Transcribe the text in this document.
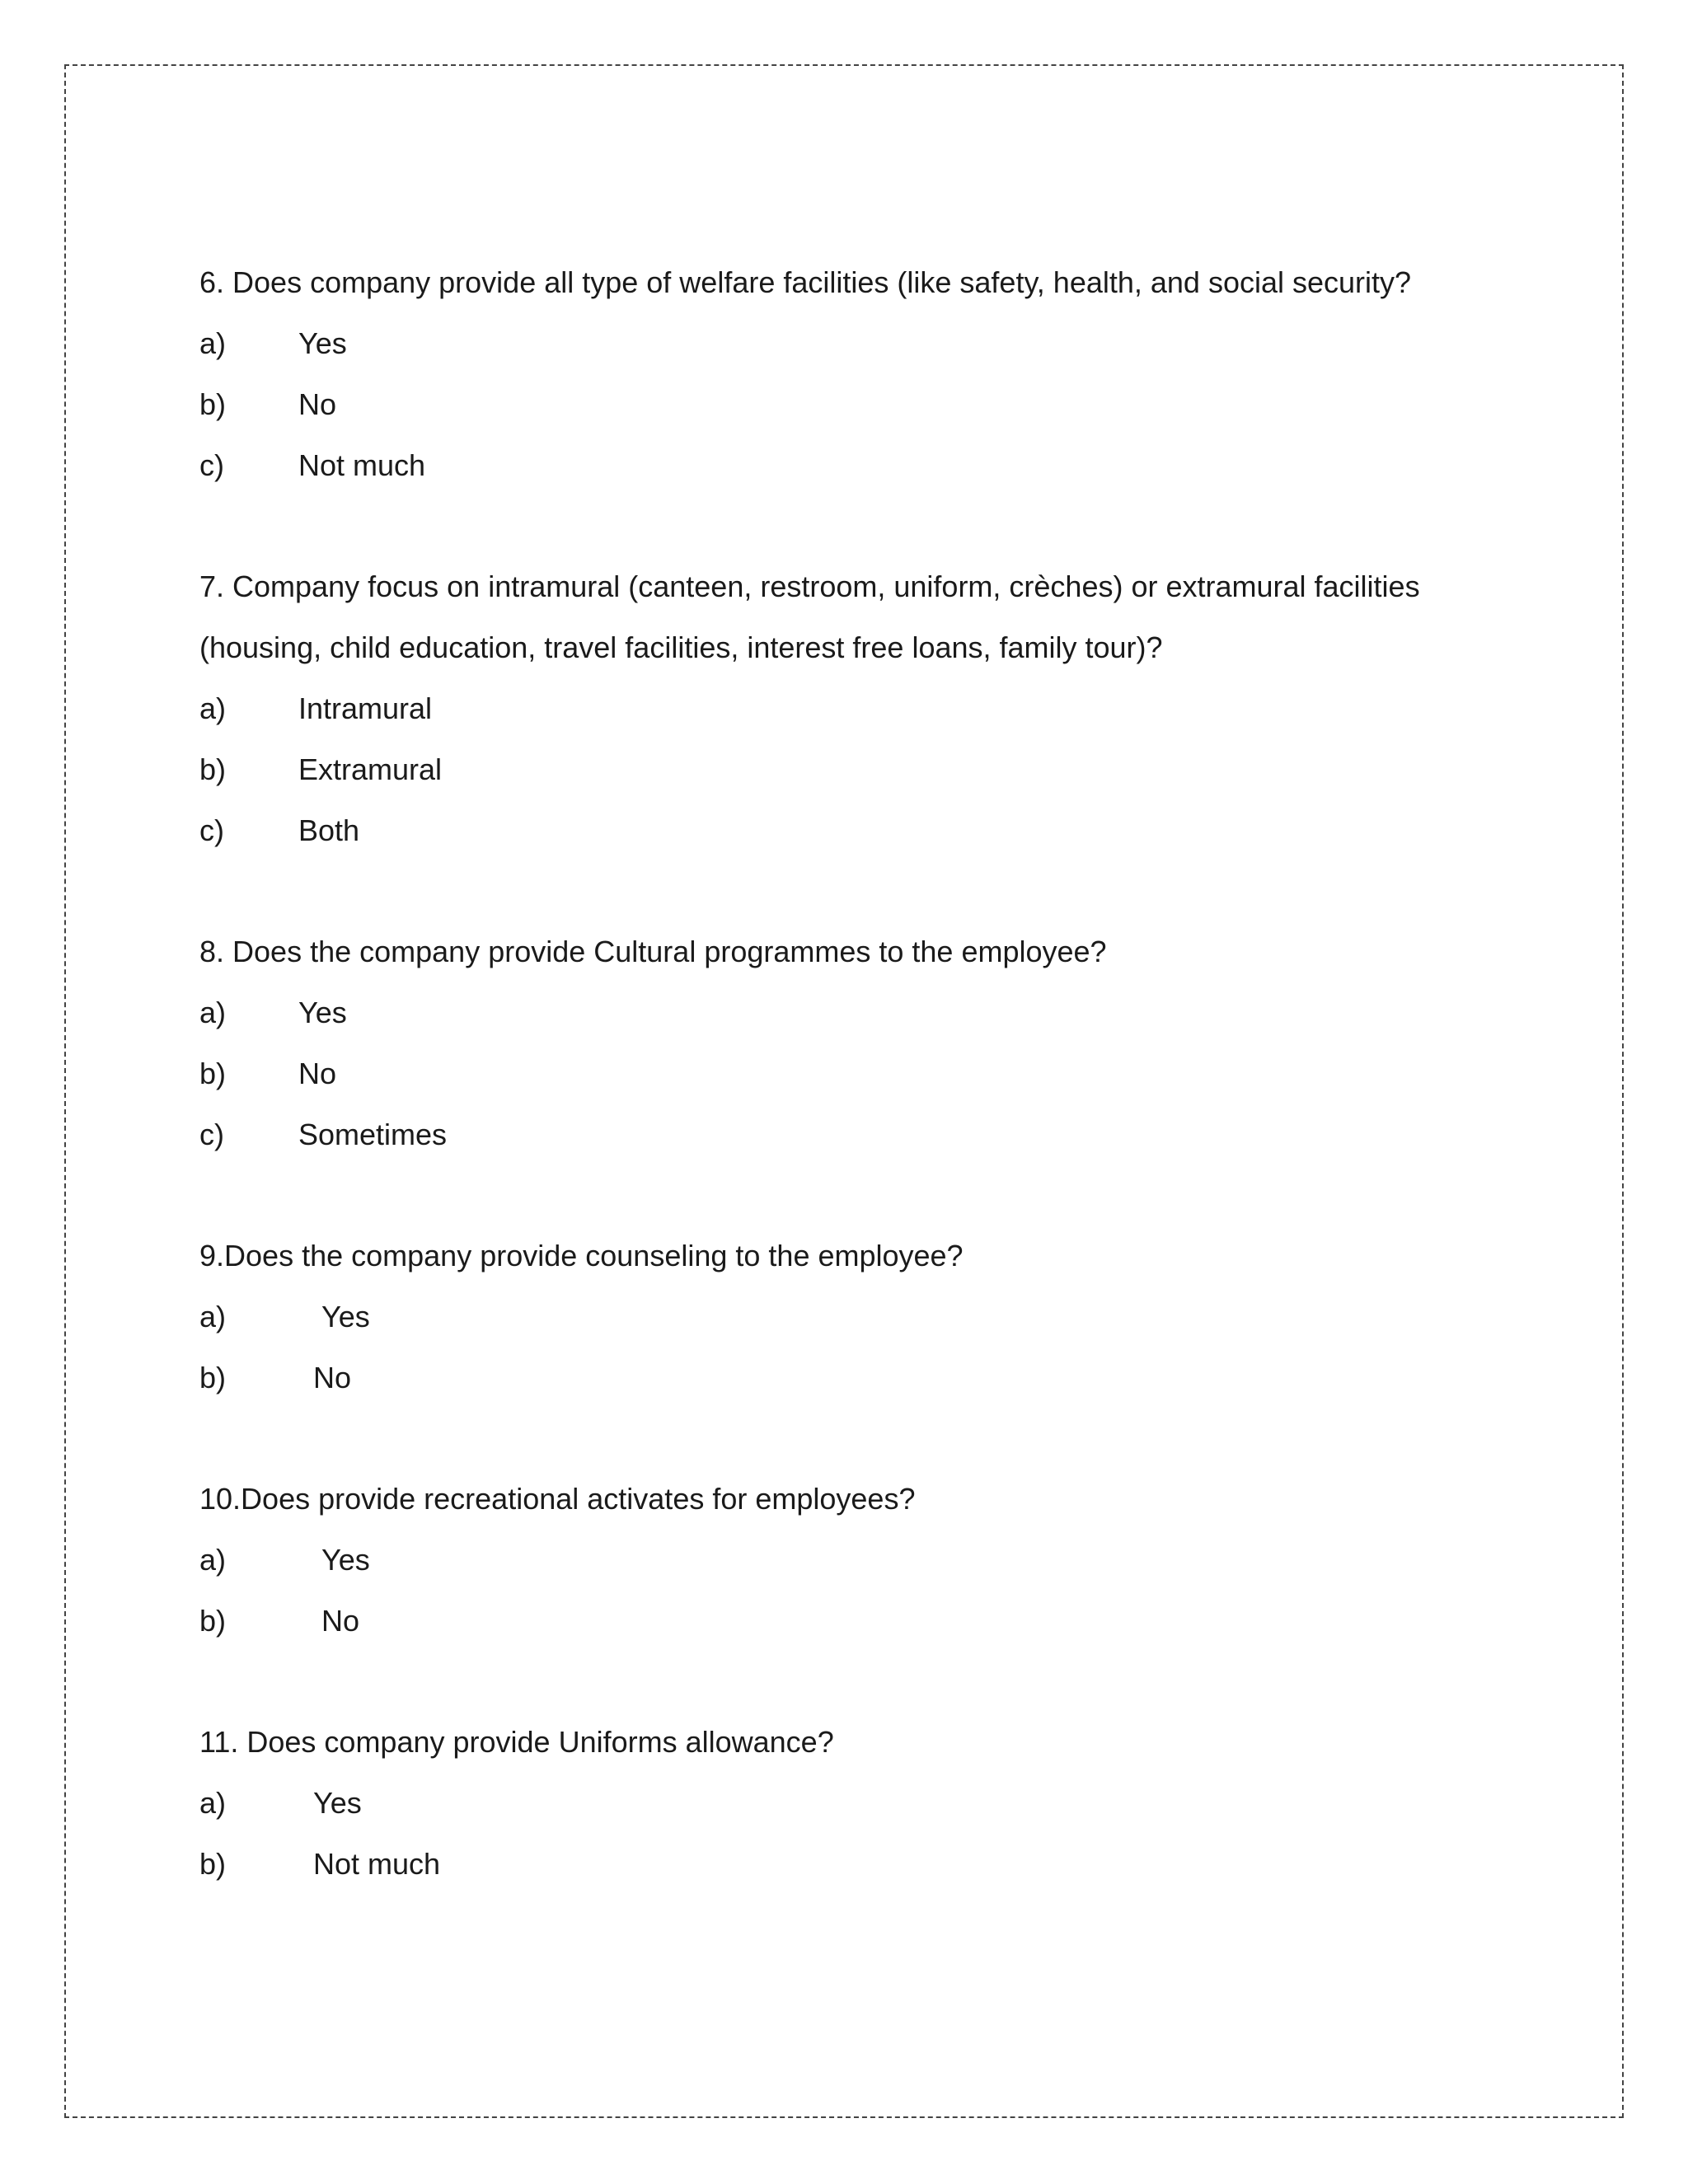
6. Does company provide all type of welfare facilities (like safety, health, and social security?

a)	Yes
b)	No
c)	Not much

7. Company focus on intramural (canteen, restroom, uniform, crèches) or extramural facilities (housing, child education, travel facilities, interest free loans, family tour)?

a)	Intramural
b)	Extramural
c)	Both

8. Does the company provide Cultural programmes to the employee?

a)	Yes
b)	No
c)	Sometimes

9.Does the company provide counseling to the employee?

a)	Yes
b)	No

10.Does provide recreational activates for employees?

a)	Yes
b)	No

11. Does company provide Uniforms allowance?

a)	Yes
b)	Not much
